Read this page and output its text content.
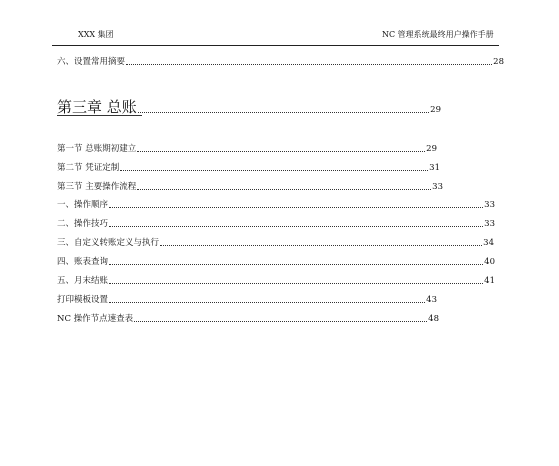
XXX 集团	NC 管理系统最终用户操作手册
六、设置常用摘要	28
第三章 总账	29
第一节 总账期初建立	29
第二节 凭证定制	31
第三节 主要操作流程	33
一、操作顺序	33
二、操作技巧	33
三、自定义转账定义与执行	34
四、账表查询	40
五、月末结账	41
打印模板设置	43
NC 操作节点速查表	48
